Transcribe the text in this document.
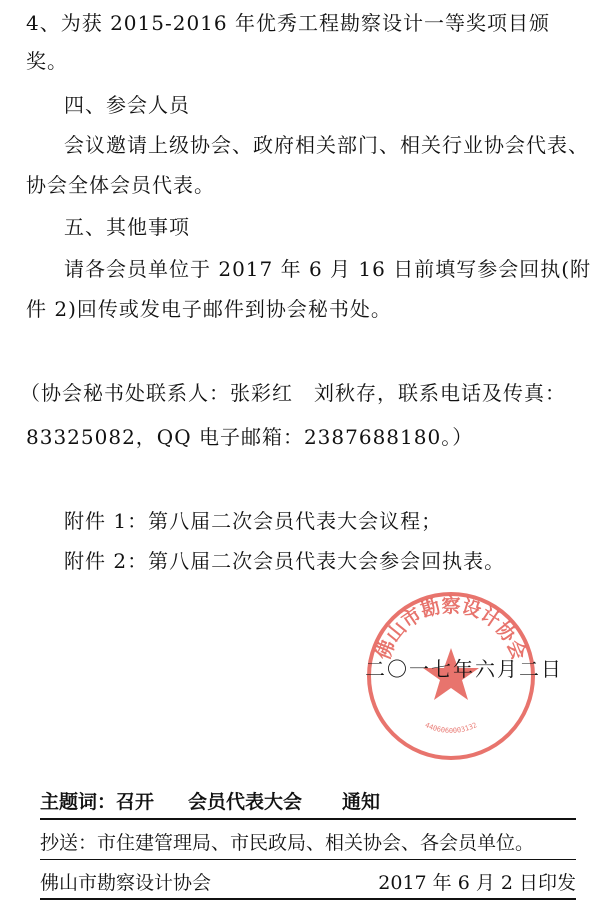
4、为获 2015-2016 年优秀工程勘察设计一等奖项目颁
奖。
四、参会人员
会议邀请上级协会、政府相关部门、相关行业协会代表、
协会全体会员代表。
五、其他事项
请各会员单位于 2017 年 6 月 16 日前填写参会回执(附
件 2)回传或发电子邮件到协会秘书处。
（协会秘书处联系人：张彩红　刘秋存，联系电话及传真：
83325082，QQ 电子邮箱：2387688180。）
附件 1：第八届二次会员代表大会议程；
附件 2：第八届二次会员代表大会参会回执表。
佛山市勘察设计协会
4406060003132
二〇一七年六月二日
主题词：召开 会员代表大会 通知
抄送：市住建管理局、市民政局、相关协会、各会员单位。
佛山市勘察设计协会	2017 年 6 月 2 日印发
